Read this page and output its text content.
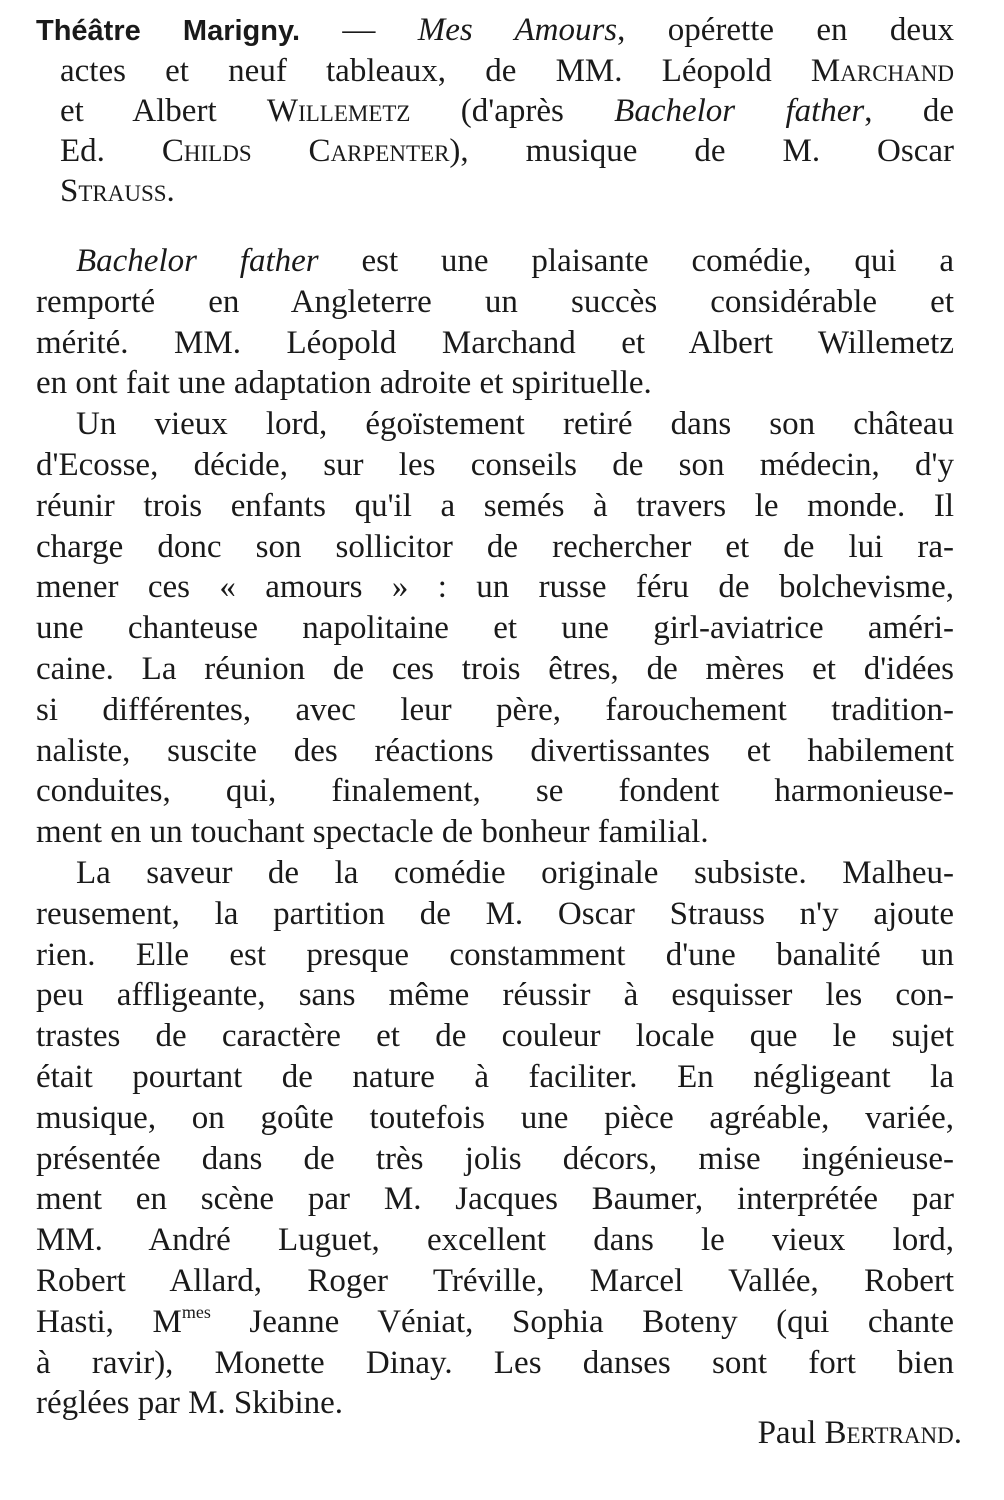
Théâtre Marigny. — Mes Amours, opérette en deux
actes et neuf tableaux, de MM. Léopold Marchand
et Albert Willemetz (d'après Bachelor father, de
Ed. Childs Carpenter), musique de M. Oscar
Strauss.
Bachelor father est une plaisante comédie, qui a
remporté en Angleterre un succès considérable et
mérité. MM. Léopold Marchand et Albert Willemetz
en ont fait une adaptation adroite et spirituelle.
Un vieux lord, égoïstement retiré dans son château
d'Ecosse, décide, sur les conseils de son médecin, d'y
réunir trois enfants qu'il a semés à travers le monde. Il
charge donc son sollicitor de rechercher et de lui ra-
mener ces « amours » : un russe féru de bolchevisme,
une chanteuse napolitaine et une girl-aviatrice améri-
caine. La réunion de ces trois êtres, de mères et d'idées
si différentes, avec leur père, farouchement tradition-
naliste, suscite des réactions divertissantes et habilement
conduites, qui, finalement, se fondent harmonieuse-
ment en un touchant spectacle de bonheur familial.
La saveur de la comédie originale subsiste. Malheu-
reusement, la partition de M. Oscar Strauss n'y ajoute
rien. Elle est presque constamment d'une banalité un
peu affligeante, sans même réussir à esquisser les con-
trastes de caractère et de couleur locale que le sujet
était pourtant de nature à faciliter. En négligeant la
musique, on goûte toutefois une pièce agréable, variée,
présentée dans de très jolis décors, mise ingénieuse-
ment en scène par M. Jacques Baumer, interprétée par
MM. André Luguet, excellent dans le vieux lord,
Robert Allard, Roger Tréville, Marcel Vallée, Robert
Hasti, $M^{mes}$ Jeanne Véniat, Sophia Boteny (qui chante
à ravir), Monette Dinay. Les danses sont fort bien
réglées par M. Skibine.
Paul Bertrand.
